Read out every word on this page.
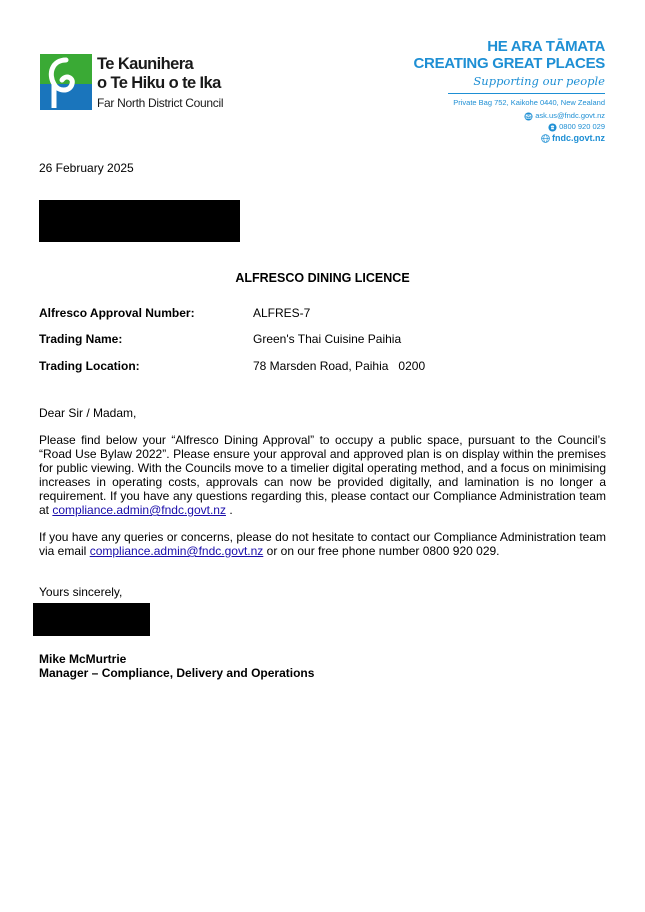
Te Kaunihera
o Te Hiku o te Ika
Far North District Council
HE ARA TĀMATA
CREATING GREAT PLACES
Supporting our people
Private Bag 752, Kaikohe 0440, New Zealand
ask.us@fndc.govt.nz
0800 920 029
fndc.govt.nz
26 February 2025
ALFRESCO DINING LICENCE
Alfresco Approval Number:	ALFRES-7
Trading Name:	Green's Thai Cuisine Paihia
Trading Location:	78 Marsden Road, Paihia   0200
Dear Sir / Madam,
Please find below your “Alfresco Dining Approval” to occupy a public space, pursuant to the Council’s “Road Use Bylaw 2022”. Please ensure your approval and approved plan is on display within the premises for public viewing. With the Councils move to a timelier digital operating method, and a focus on minimising increases in operating costs, approvals can now be provided digitally, and lamination is no longer a requirement. If you have any questions regarding this, please contact our Compliance Administration team at compliance.admin@fndc.govt.nz .
If you have any queries or concerns, please do not hesitate to contact our Compliance Administration team via email compliance.admin@fndc.govt.nz or on our free phone number 0800 920 029.
Yours sincerely,
Mike McMurtrie
Manager – Compliance, Delivery and Operations
